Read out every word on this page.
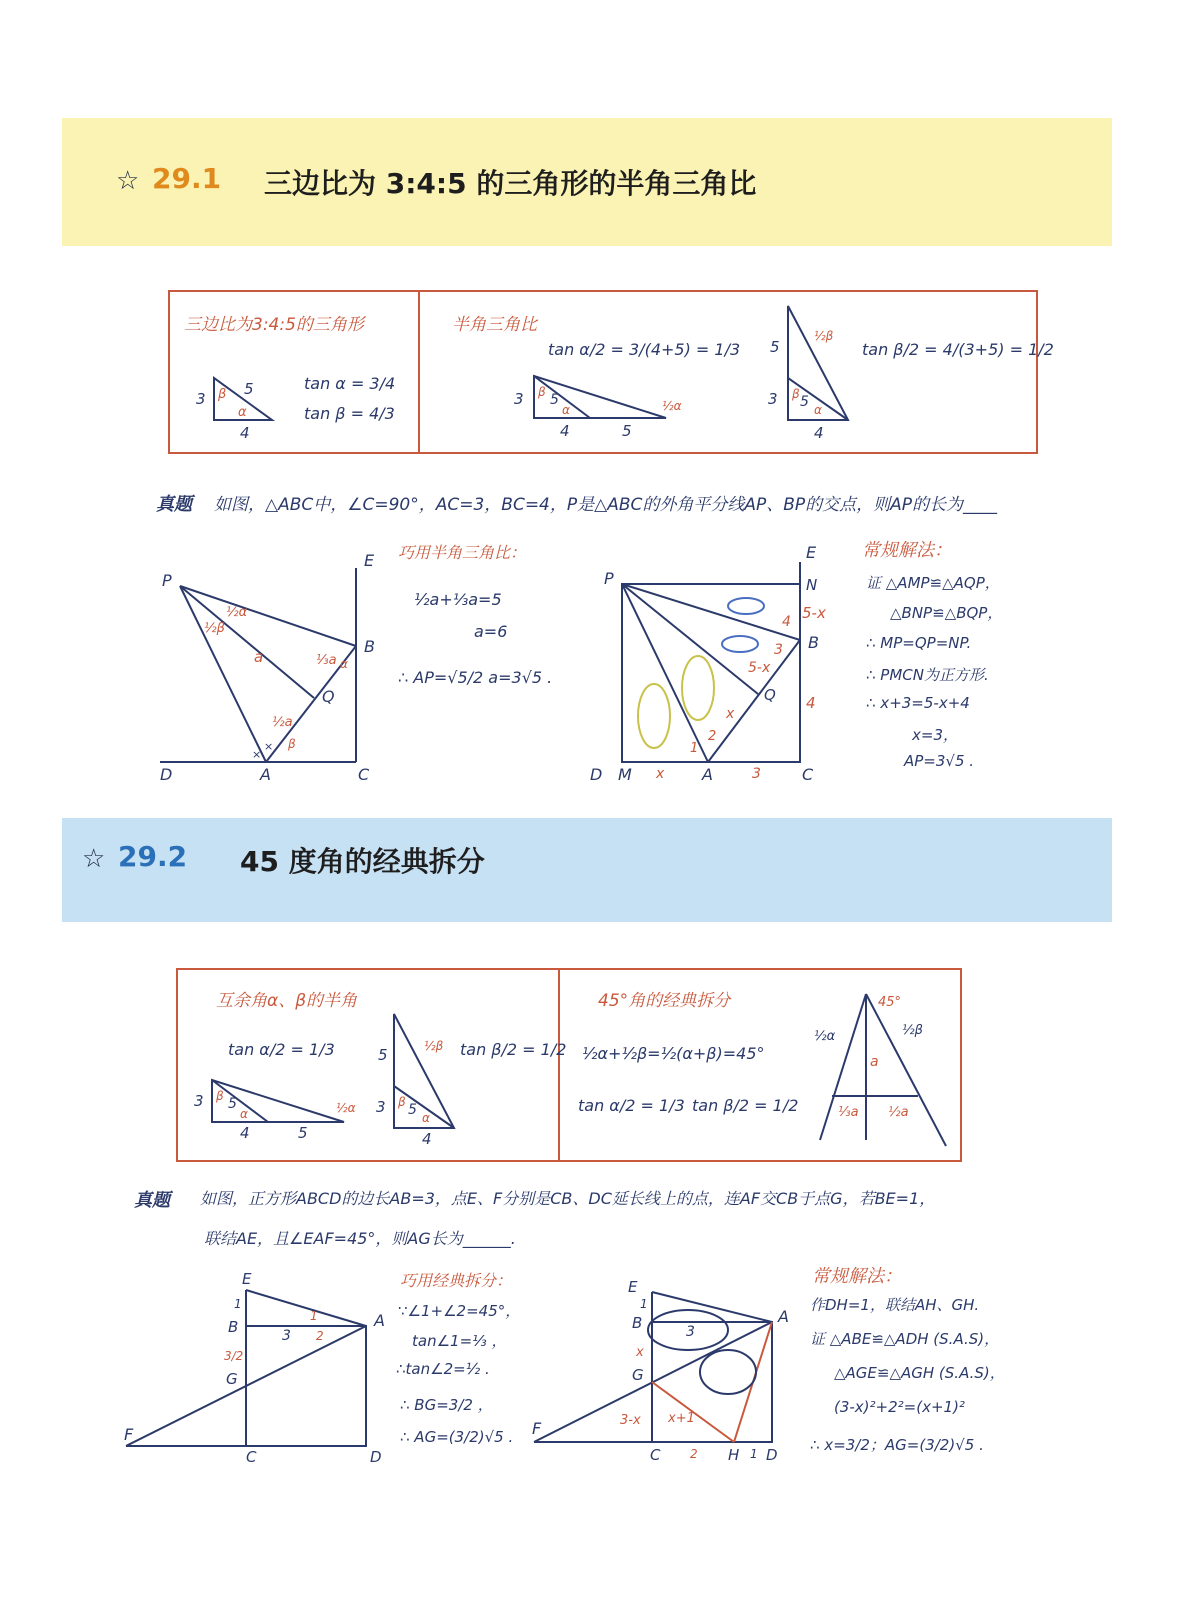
☆ 29.1 三边比为 3:4:5 的三角形的半角三角比
三边比为3:4:5的三角形
3
5
4
β
α
3 β 5
α
4	5
½α
5
½β
3 β 5 α
4
tan α = 3/4
tan β = 4/3
半角三角比
tan α/2 = 3/(4+5) = 1/3	tan β/2 = 4/(3+5) = 1/2
真题 如图，△ABC中，∠C=90°，AC=3，BC=4，P是△ABC的外角平分线AP、BP的交点，则AP的长为____
P
E
B
Q
D	A	C
½β
½α
a	⅓a α
½a
β
×
×
巧用半角三角比：
½a+⅓a=5
a=6
∴ AP=√5/2 a=3√5 .
P
E
N
4 5-x
3 B
5-x
Q 4
x
1
2
D M x A	3	C
常规解法：
证 △AMP≌△AQP，
△BNP≌△BQP，
∴ MP=QP=NP.
∴ PMCN为正方形.
∴ x+3=5-x+4
x=3，
AP=3√5 .
☆ 29.2 45 度角的经典拆分
互余角α、β的半角
tan α/2 = 1/3	tan β/2 = 1/2
45°角的经典拆分
½α+½β=½(α+β)=45°
tan α/2 = 1/3 tan β/2 = 1/2
3 β 5
α
4	5
½α
5	½β
3 β 5 α
4
45°
½α	½β
a
⅓a ½a
真题 如图，正方形ABCD的边长AB=3，点E、F分别是CB、DC延长线上的点，连AF交CB于点G，若BE=1，
联结AE，且∠EAF=45°，则AG长为______.
E
1
B	3
1
2
A
3/2
G
F
C	D
巧用经典拆分：
∵∠1+∠2=45°，
tan∠1=⅓ ，
∴tan∠2=½ .
∴ BG=3/2 ，
∴ AG=(3/2)√5 .
E
1
B	3
A
x
G
3-x x+1
F
C 2 H 1 D
常规解法：
作DH=1，联结AH、GH.
证 △ABE≌△ADH (S.A.S)，
△AGE≌△AGH (S.A.S)，
(3-x)²+2²=(x+1)²
∴ x=3/2；AG=(3/2)√5 .
